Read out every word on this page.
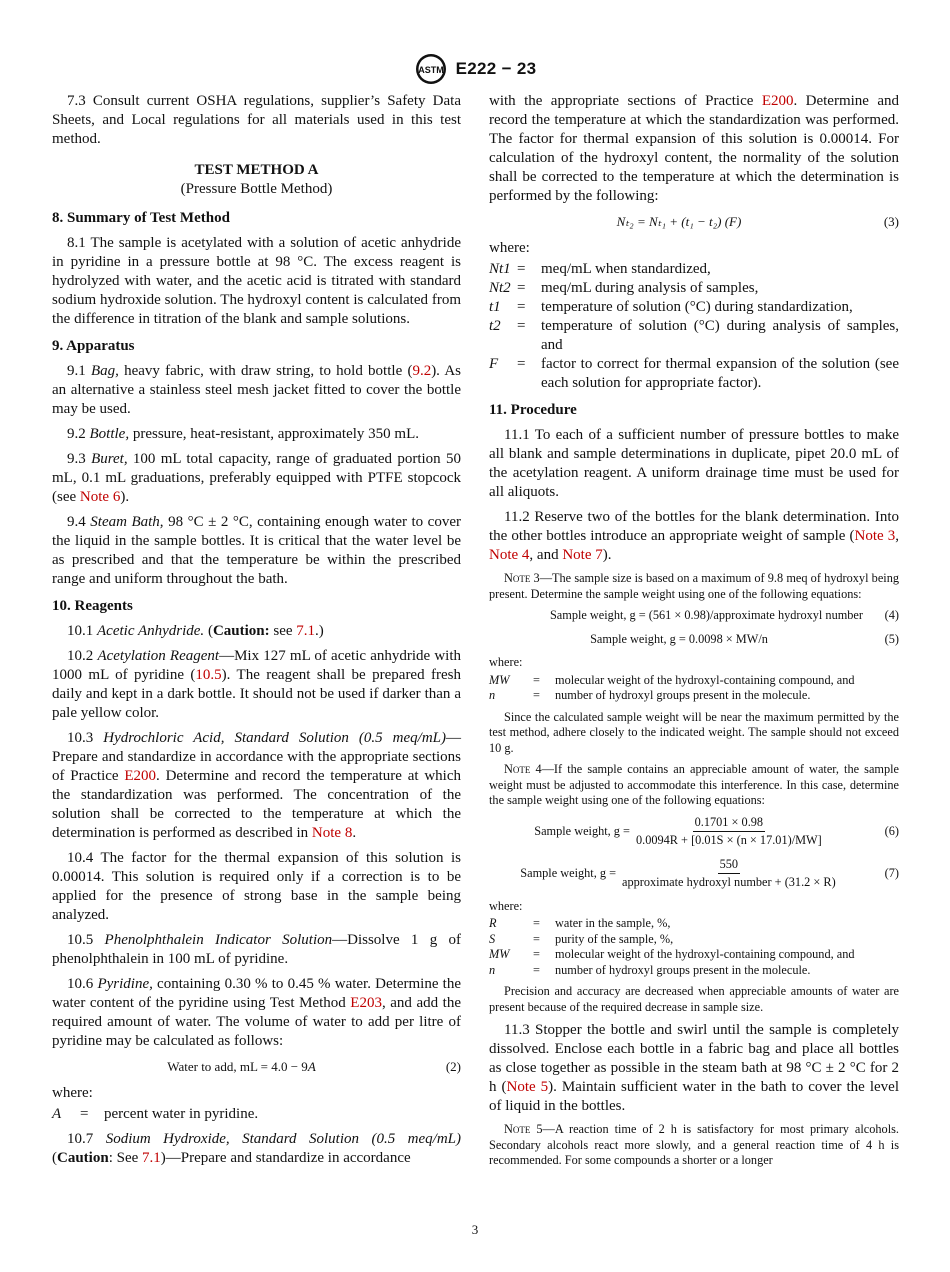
ASTM E222 − 23

7.3 Consult current OSHA regulations, supplier’s Safety Data Sheets, and Local regulations for all materials used in this test method.

TEST METHOD A
(Pressure Bottle Method)
8. Summary of Test Method

8.1 The sample is acetylated with a solution of acetic anhydride in pyridine in a pressure bottle at 98 °C. The excess reagent is hydrolyzed with water, and the acetic acid is titrated with standard sodium hydroxide solution. The hydroxyl content is calculated from the difference in titration of the blank and sample solutions.

9. Apparatus

9.1 Bag, heavy fabric, with draw string, to hold bottle (9.2). As an alternative a stainless steel mesh jacket fitted to cover the bottle may be used.

9.2 Bottle, pressure, heat-resistant, approximately 350 mL.

9.3 Buret, 100 mL total capacity, range of graduated portion 50 mL, 0.1 mL graduations, preferably equipped with PTFE stopcock (see Note 6).

9.4 Steam Bath, 98 °C ± 2 °C, containing enough water to cover the liquid in the sample bottles. It is critical that the water level be as prescribed and that the temperature be within the prescribed range and uniform throughout the bath.

10. Reagents

10.1 Acetic Anhydride. (Caution: see 7.1.)

10.2 Acetylation Reagent—Mix 127 mL of acetic anhydride with 1000 mL of pyridine (10.5). The reagent shall be prepared fresh daily and kept in a dark bottle. It should not be used if darker than a pale yellow color.

10.3 Hydrochloric Acid, Standard Solution (0.5 meq/mL)—Prepare and standardize in accordance with the appropriate sections of Practice E200. Determine and record the temperature at which the standardization was performed. The concentration of the solution shall be corrected to the temperature at which the determination is performed as described in Note 8.

10.4 The factor for the thermal expansion of this solution is 0.00014. This solution is required only if a correction is to be applied for the presence of strong base in the sample being analyzed.

10.5 Phenolphthalein Indicator Solution—Dissolve 1 g of phenolphthalein in 100 mL of pyridine.

10.6 Pyridine, containing 0.30 % to 0.45 % water. Determine the water content of the pyridine using Test Method E203, and add the required amount of water. The volume of water to add per litre of pyridine may be calculated as follows:

Water to add, mL = 4.0 − 9A	(2)

where:

A	=	percent water in pyridine.

10.7 Sodium Hydroxide, Standard Solution (0.5 meq/mL) (Caution: See 7.1)—Prepare and standardize in accordance

with the appropriate sections of Practice E200. Determine and record the temperature at which the standardization was performed. The factor for thermal expansion of this solution is 0.00014. For calculation of the hydroxyl content, the normality of the solution shall be corrected to the temperature at which the determination is performed by the following:

Nₜ₂ = Nₜ₁ + (t₁ − t₂) (F)	(3)

where:

Nt1 =	meq/mL when standardized,
Nt2 =	meq/mL during analysis of samples,
t1	=	temperature of solution (°C) during standardization,
t2	=	temperature of solution (°C) during analysis of samples, and
F	=	factor to correct for thermal expansion of the solution (see each solution for appropriate factor).
11. Procedure

11.1 To each of a sufficient number of pressure bottles to make all blank and sample determinations in duplicate, pipet 20.0 mL of the acetylation reagent. A uniform drainage time must be used for all aliquots.

11.2 Reserve two of the bottles for the blank determination. Into the other bottles introduce an appropriate weight of sample (Note 3, Note 4, and Note 7).

Note 3—The sample size is based on a maximum of 9.8 meq of hydroxyl being present. Determine the sample weight using one of the following equations:

Sample weight, g = (561 × 0.98)/approximate hydroxyl number	(4)
Sample weight, g = 0.0098 × MW/n	(5)

where:

MW	=	molecular weight of the hydroxyl-containing compound, and
n	=	number of hydroxyl groups present in the molecule.

Since the calculated sample weight will be near the maximum permitted by the test method, adhere closely to the indicated weight. The sample should not exceed 10 g.

Note 4—If the sample contains an appreciable amount of water, the sample weight must be adjusted to accommodate this interference. In this case, determine the sample weight using one of the following equations:

Sample weight, $g = \frac{0.1701 \times 0.98}{0.0094R + [0.01S \times (n \times 17.01)/MW]}$	(6)
Sample weight, $g = \frac{550}{\text{approximate hydroxyl number + (31.2 × R)}}$	(7)

where:

R	=	water in the sample, %,
S	=	purity of the sample, %,
MW	=	molecular weight of the hydroxyl-containing compound, and
n	=	number of hydroxyl groups present in the molecule.

Precision and accuracy are decreased when appreciable amounts of water are present because of the required decrease in sample size.

11.3 Stopper the bottle and swirl until the sample is completely dissolved. Enclose each bottle in a fabric bag and place all bottles as close together as possible in the steam bath at 98 °C ± 2 °C for 2 h (Note 5). Maintain sufficient water in the bath to cover the level of liquid in the bottles.

Note 5—A reaction time of 2 h is satisfactory for most primary alcohols. Secondary alcohols react more slowly, and a general reaction time of 4 h is recommended. For some compounds a shorter or a longer

3
